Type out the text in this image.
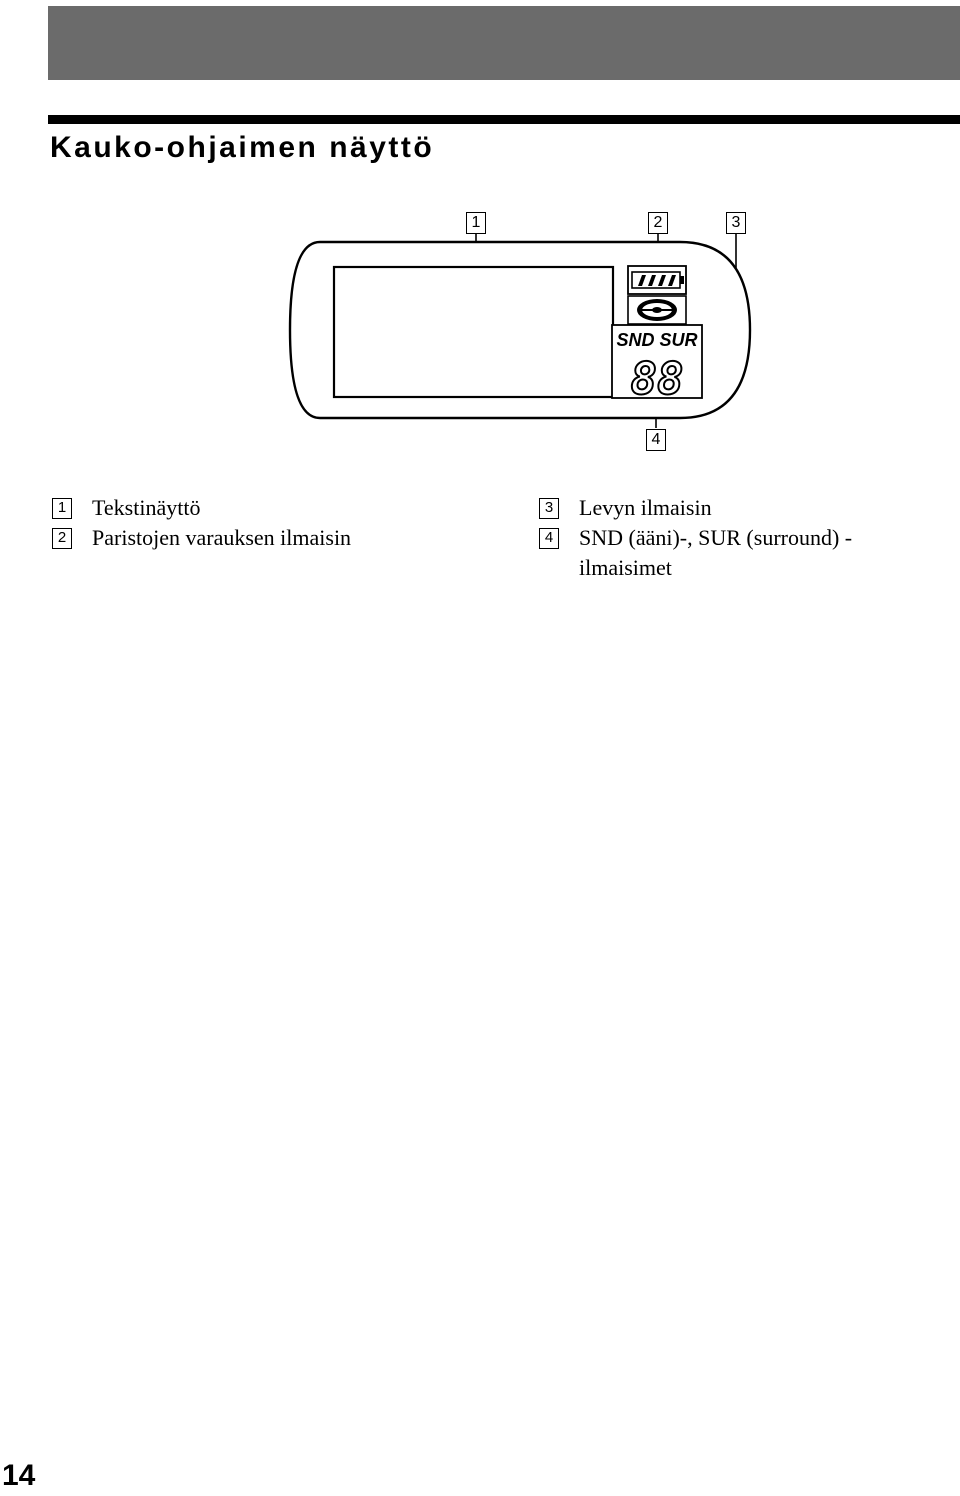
Kauko-ohjaimen näyttö
SND SUR
88
1	2	3
4
1 Tekstinäyttö
2 Paristojen varauksen ilmaisin
3 Levyn ilmaisin
4 SND (ääni)-, SUR (surround) - ilmaisimet
14
